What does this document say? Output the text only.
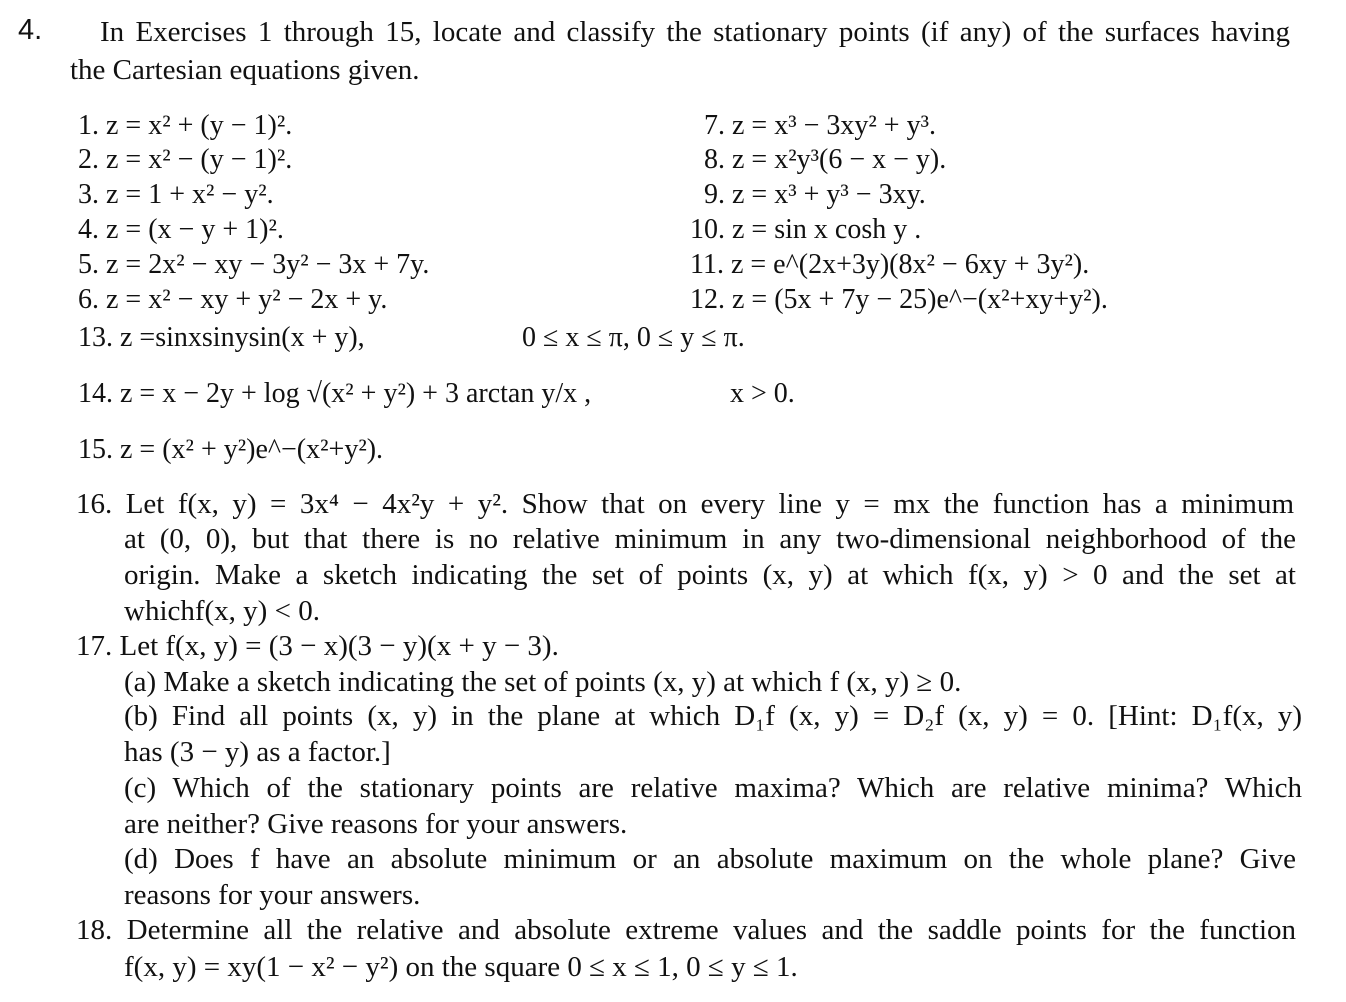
4. In Exercises 1 through 15, locate and classify the stationary points (if any) of the surfaces having
the Cartesian equations given.
1. z = x² + (y − 1)².
2. z = x² − (y − 1)².
3. z = 1 + x² − y².
4. z = (x − y + 1)².
5. z = 2x² − xy − 3y² − 3x + 7y.
6. z = x² − xy + y² − 2x + y.
7. z = x³ − 3xy² + y³.
8. z = x²y³(6 − x − y).
9. z = x³ + y³ − 3xy.
10. z = sin x cosh y .
11. z = e^(2x+3y)(8x² − 6xy + 3y²).
12. z = (5x + 7y − 25)e^−(x²+xy+y²).
13. z =sinxsinysin(x + y),	0 ≤ x ≤ π, 0 ≤ y ≤ π.
14. z = x − 2y + log √(x² + y²) + 3 arctan y/x ,	x > 0.
15. z = (x² + y²)e^−(x²+y²).
16. Let f(x, y) = 3x⁴ − 4x²y + y². Show that on every line y = mx the function has a minimum
at (0, 0), but that there is no relative minimum in any two-dimensional neighborhood of the
origin. Make a sketch indicating the set of points (x, y) at which f(x, y) > 0 and the set at
whichf(x, y) < 0.
17. Let f(x, y) = (3 − x)(3 − y)(x + y − 3).
(a) Make a sketch indicating the set of points (x, y) at which f (x, y) ≥ 0.
(b) Find all points (x, y) in the plane at which D₁f (x, y) = D₂f (x, y) = 0. [Hint: D₁f(x, y)
has (3 − y) as a factor.]
(c) Which of the stationary points are relative maxima? Which are relative minima? Which
are neither? Give reasons for your answers.
(d) Does f have an absolute minimum or an absolute maximum on the whole plane? Give
reasons for your answers.
18. Determine all the relative and absolute extreme values and the saddle points for the function
f(x, y) = xy(1 − x² − y²) on the square 0 ≤ x ≤ 1, 0 ≤ y ≤ 1.
